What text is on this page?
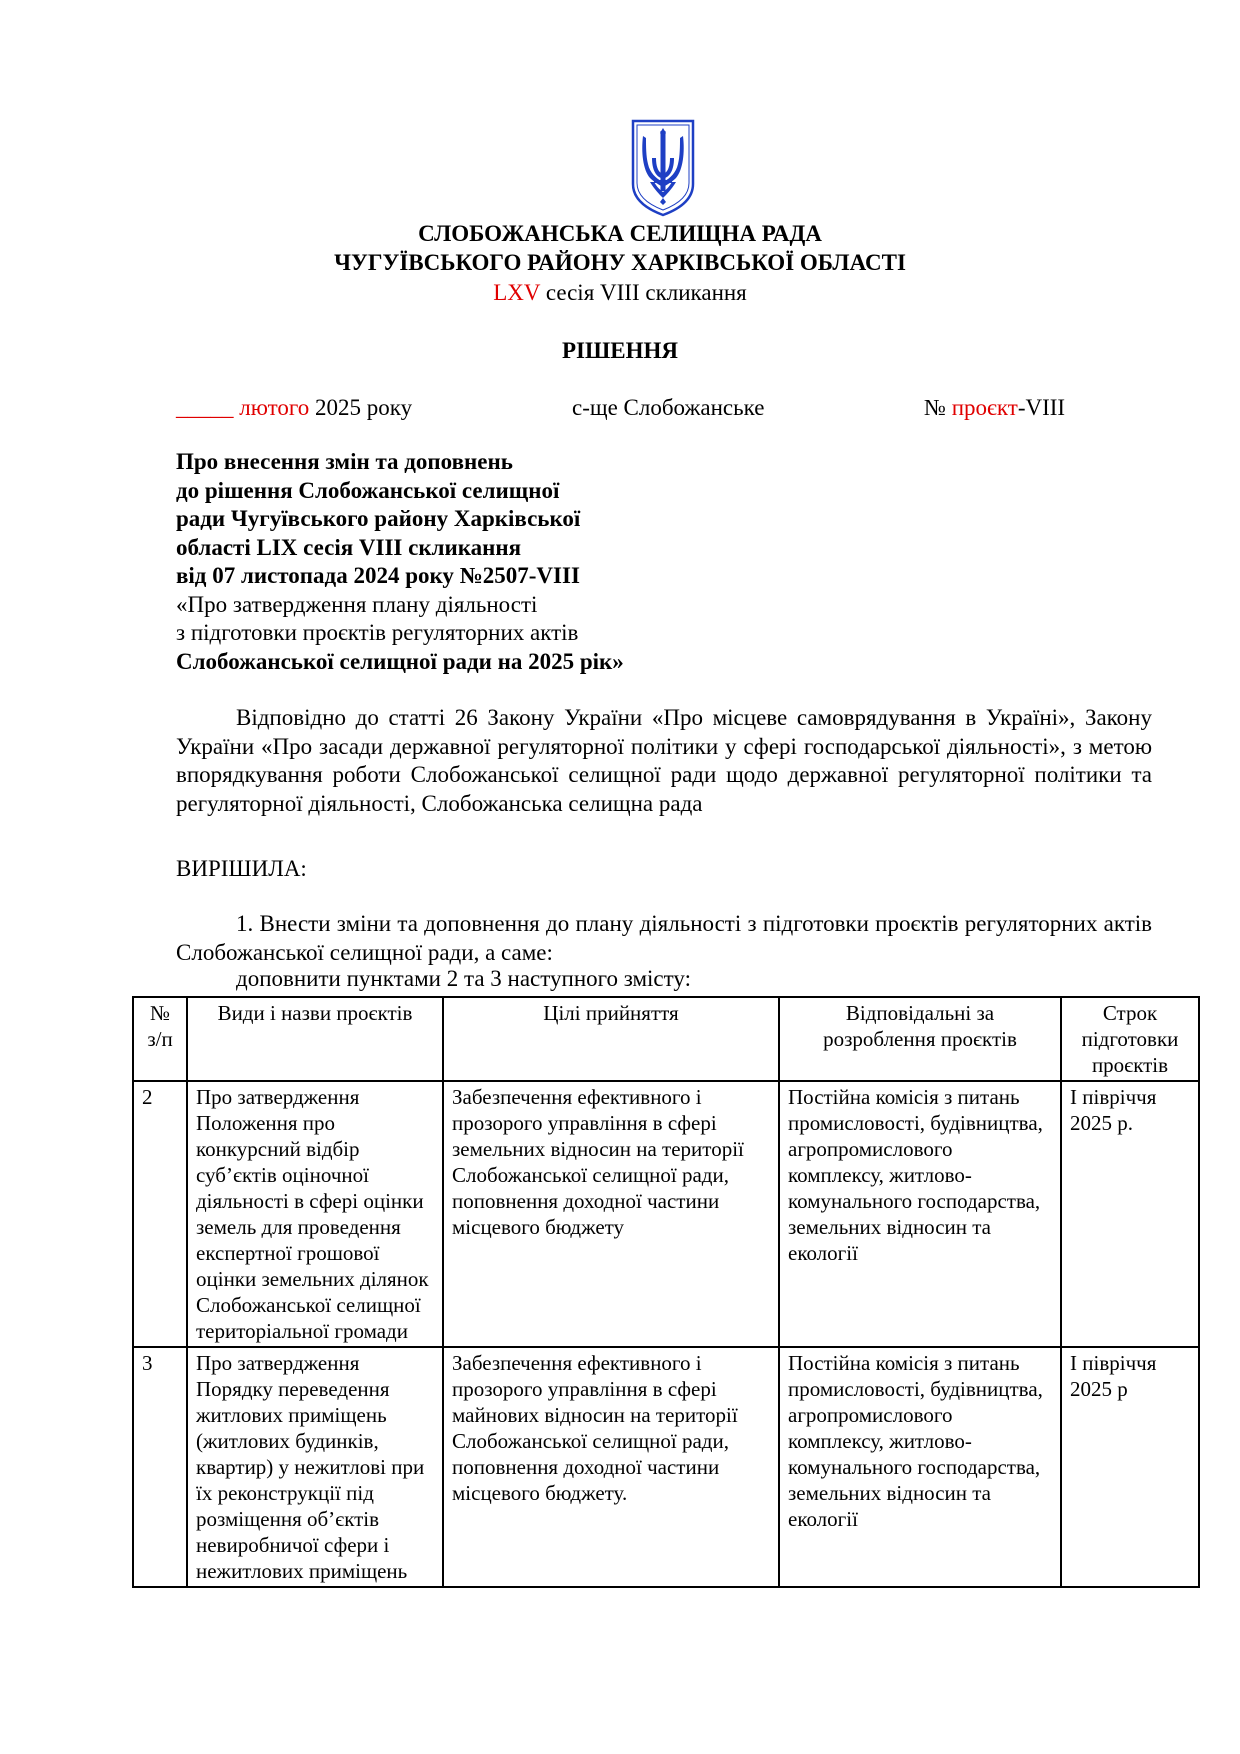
СЛОБОЖАНСЬКА СЕЛИЩНА РАДА
ЧУГУЇВСЬКОГО РАЙОНУ ХАРКІВСЬКОЇ ОБЛАСТІ
LXV сесія VIII скликання
РІШЕННЯ
_____ лютого 2025 року	с-ще Слобожанське	№ проєкт-VIII
Про внесення змін та доповнень
до рішення Слобожанської селищної
ради Чугуївського району Харківської
області LIX сесія VIII скликання
від 07 листопада 2024 року №2507-VIII
«Про затвердження плану діяльності
з підготовки проєктів регуляторних актів
Слобожанської селищної ради на 2025 рік»
Відповідно до статті 26 Закону України «Про місцеве самоврядування в Україні», Закону України «Про засади державної регуляторної політики у сфері господарської діяльності», з метою впорядкування роботи Слобожанської селищної ради щодо державної регуляторної політики та регуляторної діяльності, Слобожанська селищна рада
ВИРІШИЛА:
1. Внести зміни та доповнення до плану діяльності з підготовки проєктів регуляторних актів Слобожанської селищної ради, а саме:
доповнити пунктами 2 та 3 наступного змісту:
№ з/п	Види і назви проєктів	Цілі прийняття	Відповідальні за розроблення проєктів	Строк підготовки проєктів
2	Про затвердження Положення про конкурсний відбір суб’єктів оціночної діяльності в сфері оцінки земель для проведення експертної грошової оцінки земельних ділянок Слобожанської селищної територіальної громади	Забезпечення ефективного і прозорого управління в сфері земельних відносин на території Слобожанської селищної ради, поповнення доходної частини місцевого бюджету	Постійна комісія з питань промисловості, будівництва, агропромислового комплексу, житлово-комунального господарства, земельних відносин та екології	І півріччя 2025 р.
3	Про затвердження Порядку переведення житлових приміщень (житлових будинків, квартир) у нежитлові при їх реконструкції під розміщення об’єктів невиробничої сфери і нежитлових приміщень	Забезпечення ефективного і прозорого управління в сфері майнових відносин на території Слобожанської селищної ради, поповнення доходної частини місцевого бюджету.	Постійна комісія з питань промисловості, будівництва, агропромислового комплексу, житлово-комунального господарства, земельних відносин та екології	І півріччя 2025 р
